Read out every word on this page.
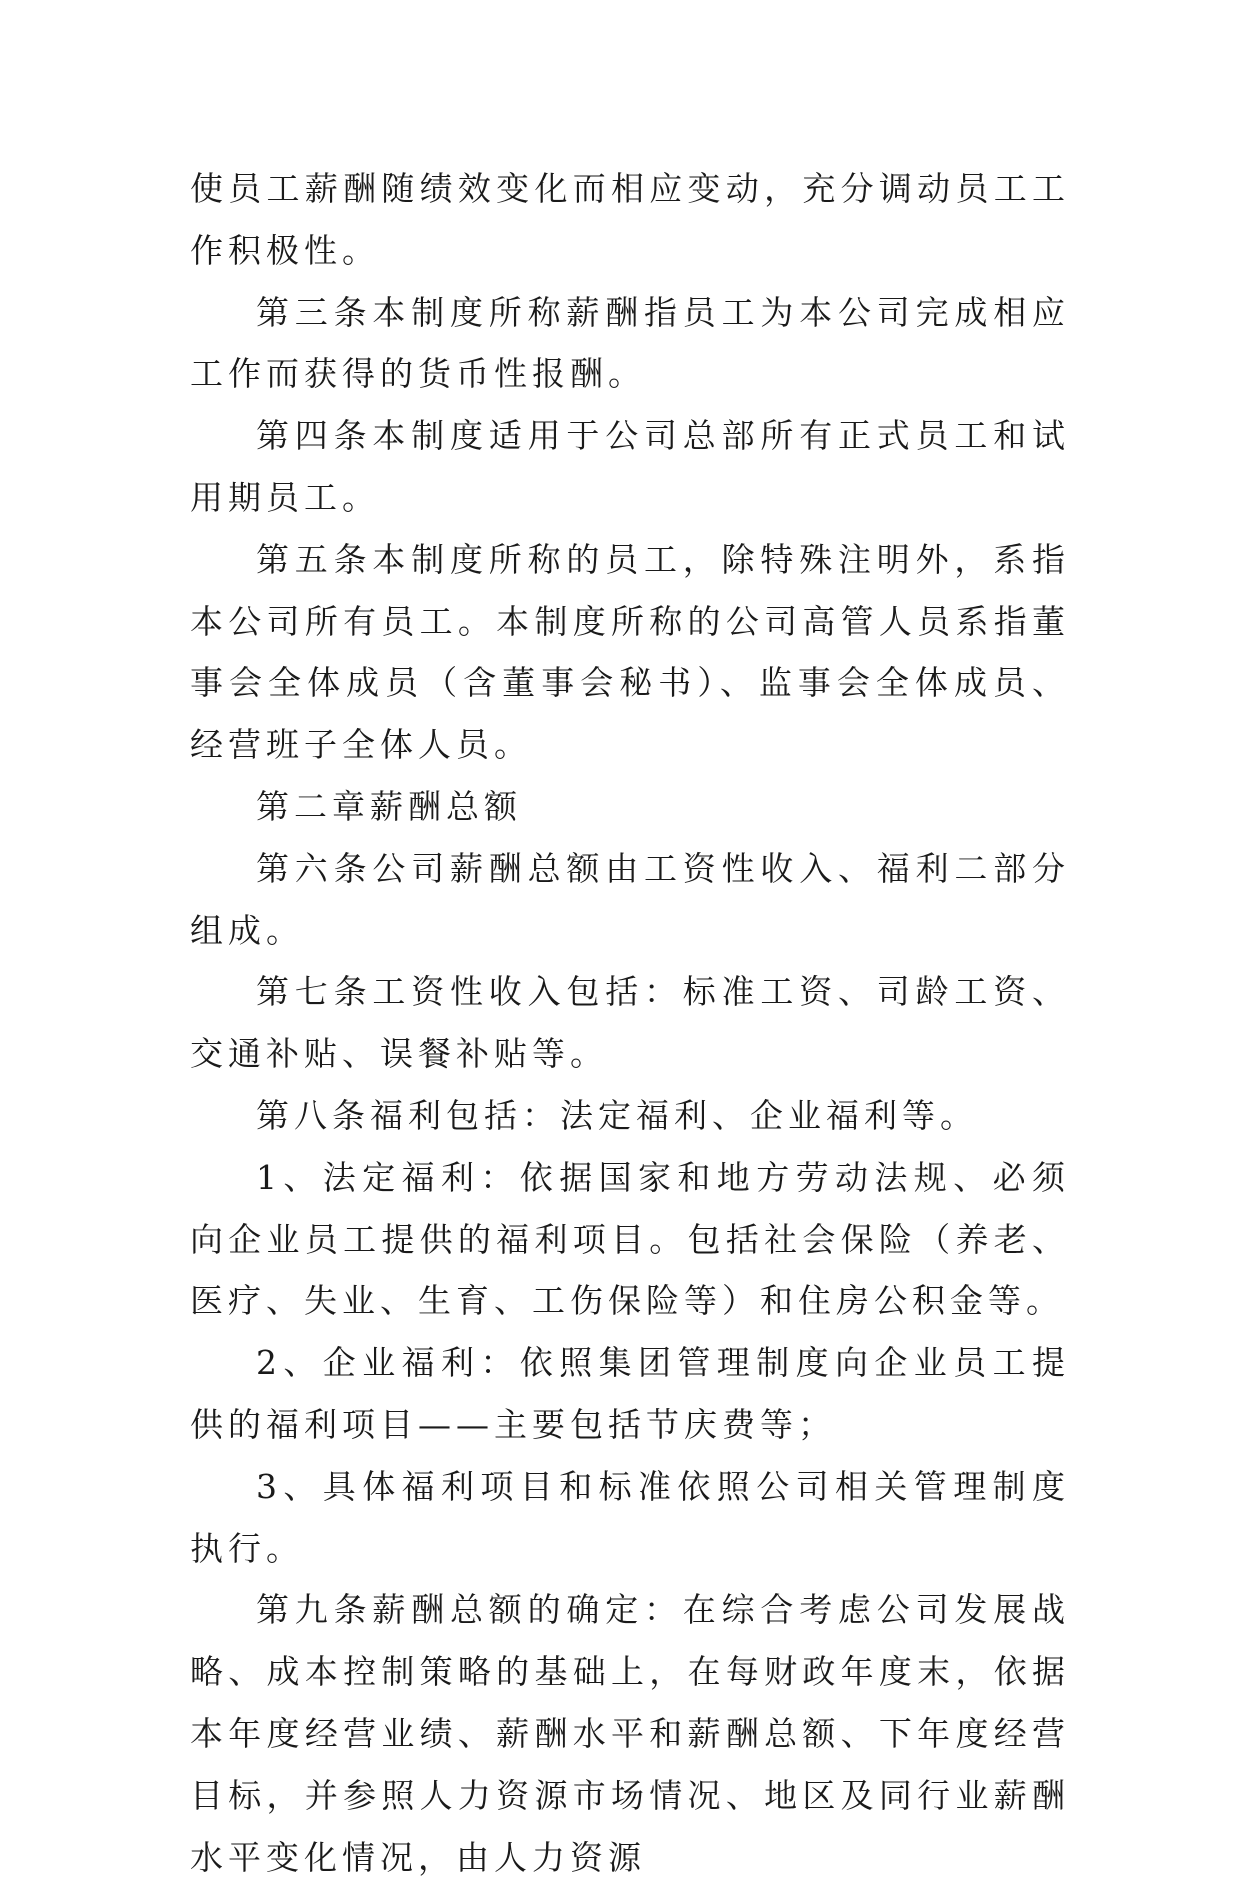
使员工薪酬随绩效变化而相应变动，充分调动员工工作积极性。

第三条本制度所称薪酬指员工为本公司完成相应工作而获得的货币性报酬。

第四条本制度适用于公司总部所有正式员工和试用期员工。

第五条本制度所称的员工，除特殊注明外，系指本公司所有员工。本制度所称的公司高管人员系指董事会全体成员（含董事会秘书）、监事会全体成员、经营班子全体人员。

第二章薪酬总额

第六条公司薪酬总额由工资性收入、福利二部分组成。

第七条工资性收入包括：标准工资、司龄工资、交通补贴、误餐补贴等。

第八条福利包括：法定福利、企业福利等。

1、法定福利：依据国家和地方劳动法规、必须向企业员工提供的福利项目。包括社会保险（养老、医疗、失业、生育、工伤保险等）和住房公积金等。

2、企业福利：依照集团管理制度向企业员工提供的福利项目——主要包括节庆费等；

3、具体福利项目和标准依照公司相关管理制度执行。

第九条薪酬总额的确定：在综合考虑公司发展战略、成本控制策略的基础上，在每财政年度末，依据本年度经营业绩、薪酬水平和薪酬总额、下年度经营目标，并参照人力资源市场情况、地区及同行业薪酬水平变化情况，由人力资源
